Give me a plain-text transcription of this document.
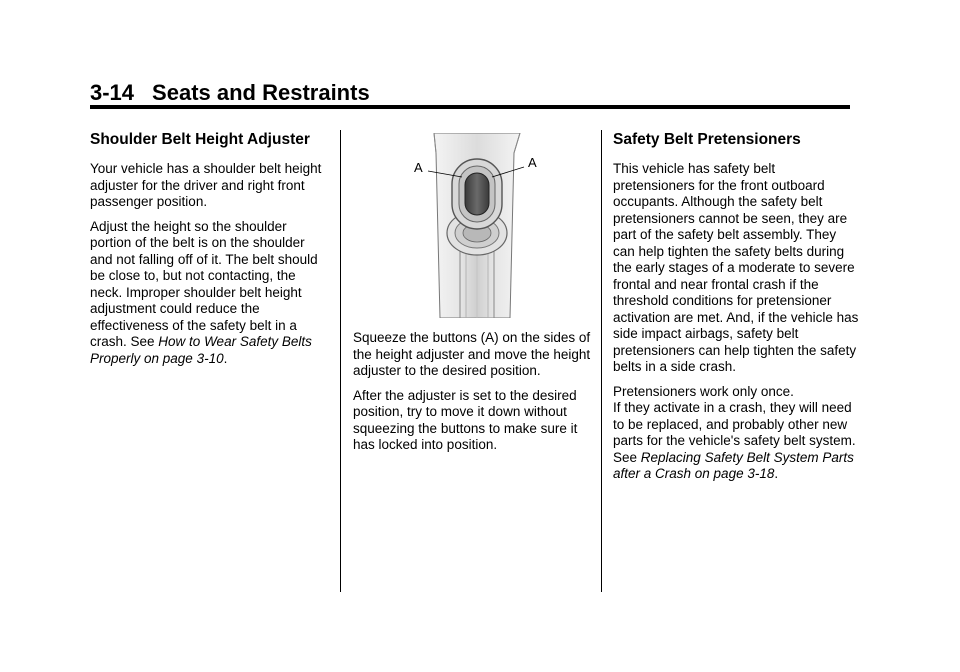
3-14 Seats and Restraints
Shoulder Belt Height Adjuster

Your vehicle has a shoulder belt height adjuster for the driver and right front passenger position.

Adjust the height so the shoulder portion of the belt is on the shoulder and not falling off of it. The belt should be close to, but not contacting, the neck. Improper shoulder belt height adjustment could reduce the effectiveness of the safety belt in a crash. See How to Wear Safety Belts Properly on page 3-10.

A	A

Squeeze the buttons (A) on the sides of the height adjuster and move the height adjuster to the desired position.

After the adjuster is set to the desired position, try to move it down without squeezing the buttons to make sure it has locked into position.

Safety Belt Pretensioners

This vehicle has safety belt pretensioners for the front outboard occupants. Although the safety belt pretensioners cannot be seen, they are part of the safety belt assembly. They can help tighten the safety belts during the early stages of a moderate to severe frontal and near frontal crash if the threshold conditions for pretensioner activation are met. And, if the vehicle has side impact airbags, safety belt pretensioners can help tighten the safety belts in a side crash.

Pretensioners work only once.
If they activate in a crash, they will need to be replaced, and probably other new parts for the vehicle's safety belt system. See Replacing Safety Belt System Parts after a Crash on page 3-18.
